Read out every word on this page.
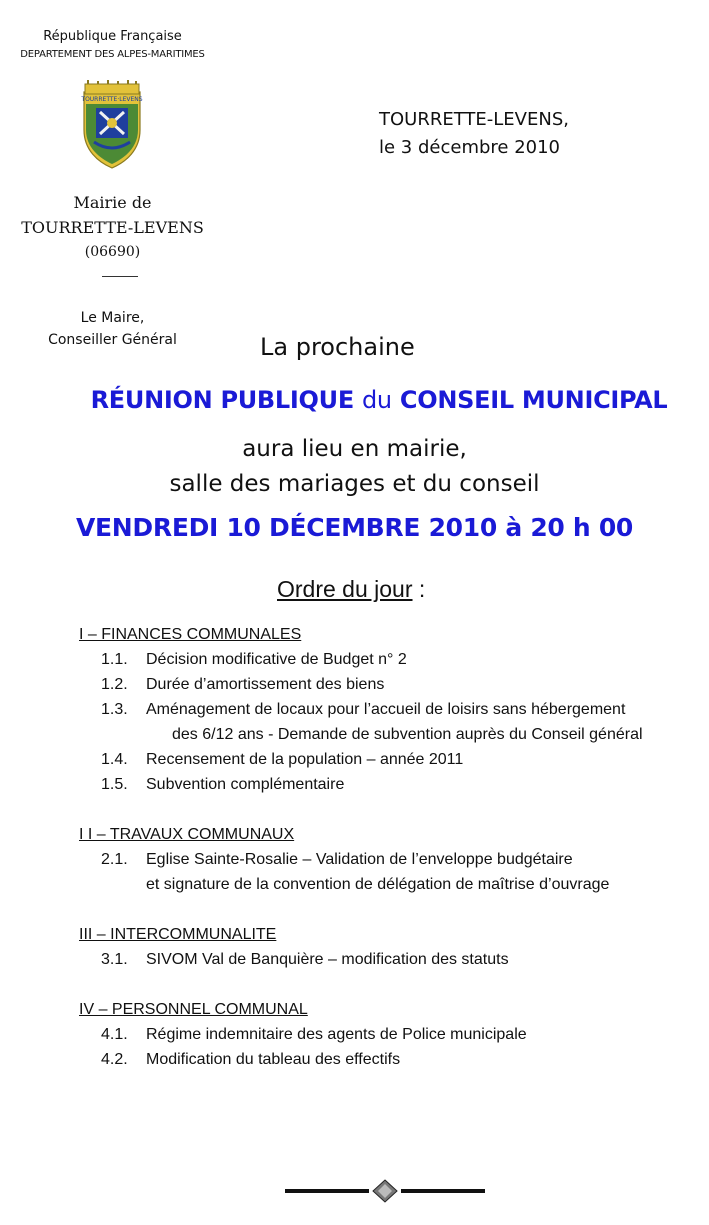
République Française
DEPARTEMENT DES ALPES-MARITIMES
TOURRETTE·LEVENS
Mairie de
TOURRETTE-LEVENS
(06690)
Le Maire,
Conseiller Général
TOURRETTE-LEVENS,
le 3 décembre 2010
La prochaine
RÉUNION PUBLIQUE du CONSEIL MUNICIPAL
aura lieu en mairie,
salle des mariages et du conseil
VENDREDI 10 DÉCEMBRE 2010 à 20 h 00
Ordre du jour :
I – FINANCES COMMUNALES
1.1. Décision modificative de Budget n° 2
1.2. Durée d’amortissement des biens
1.3. Aménagement de locaux pour l’accueil de loisirs sans hébergement
des 6/12 ans - Demande de subvention auprès du Conseil général
1.4. Recensement de la population – année 2011
1.5. Subvention complémentaire
I I – TRAVAUX COMMUNAUX
2.1. Eglise Sainte-Rosalie – Validation de l’enveloppe budgétaire
et signature de la convention de délégation de maîtrise d’ouvrage
III – INTERCOMMUNALITE
3.1. SIVOM Val de Banquière – modification des statuts
IV – PERSONNEL COMMUNAL
4.1. Régime indemnitaire des agents de Police municipale
4.2. Modification du tableau des effectifs
